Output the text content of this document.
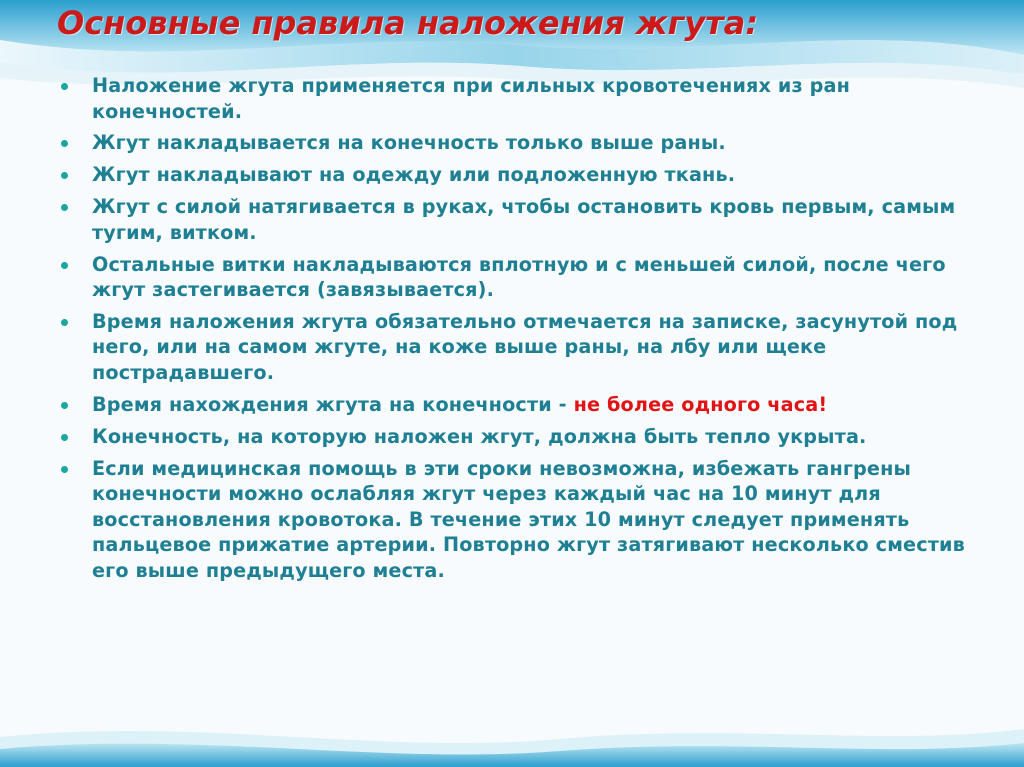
Основные правила наложения жгута:
Наложение жгута применяется при сильных кровотечениях из ран конечностей.
Жгут накладывается на конечность только выше раны.
Жгут накладывают на одежду или подложенную ткань.
Жгут с силой натягивается в руках, чтобы остановить кровь первым, самым тугим, витком.
Остальные витки накладываются вплотную и с меньшей силой, после чего жгут застегивается (завязывается).
Время наложения жгута обязательно отмечается на записке, засунутой под него, или на самом жгуте, на коже выше раны, на лбу или щеке пострадавшего.
Время нахождения жгута на конечности - не более одного часа!
Конечность, на которую наложен жгут, должна быть тепло укрыта.
Если медицинская помощь в эти сроки невозможна, избежать гангрены конечности можно ослабляя жгут через каждый час на 10 минут для восстановления кровотока. В течение этих 10 минут следует применять пальцевое прижатие артерии. Повторно жгут затягивают несколько сместив его выше предыдущего места.
